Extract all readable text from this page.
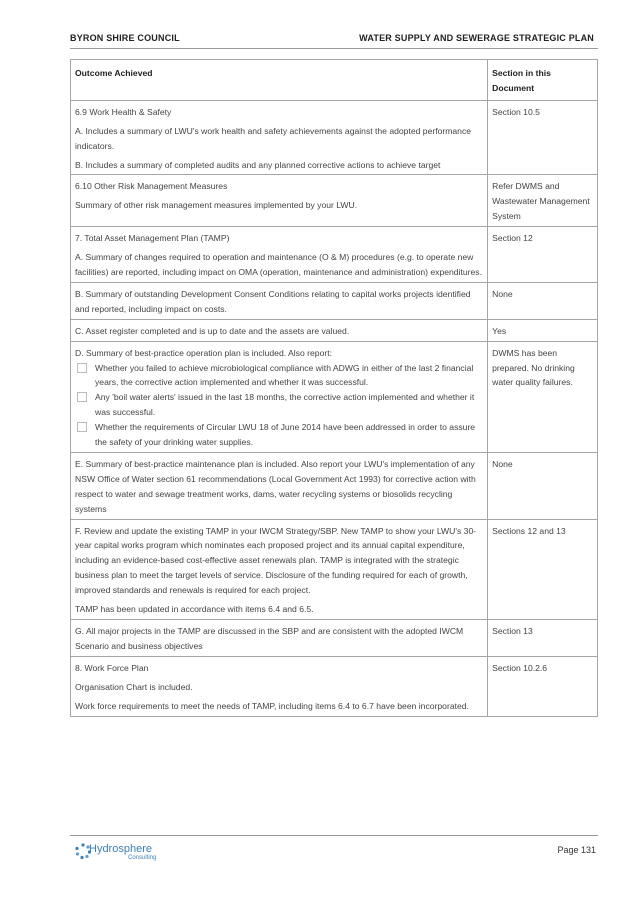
BYRON SHIRE COUNCIL	WATER SUPPLY AND SEWERAGE STRATEGIC PLAN
Outcome Achieved	Section in this Document

6.9 Work Health & Safety

A. Includes a summary of LWU's work health and safety achievements against the adopted performance indicators.

B. Includes a summary of completed audits and any planned corrective actions to achieve target	Section 10.5

6.10 Other Risk Management Measures

Summary of other risk management measures implemented by your LWU.	Refer DWMS and Wastewater Management System

7. Total Asset Management Plan (TAMP)

A. Summary of changes required to operation and maintenance (O & M) procedures (e.g. to operate new facilities) are reported, including impact on OMA (operation, maintenance and administration) expenditures.	Section 12

B. Summary of outstanding Development Consent Conditions relating to capital works projects identified and reported, including impact on costs.	None

C. Asset register completed and is up to date and the assets are valued.	Yes

D. Summary of best-practice operation plan is included. Also report:

Whether you failed to achieve microbiological compliance with ADWG in either of the last 2 financial years, the corrective action implemented and whether it was successful.
Any 'boil water alerts' issued in the last 18 months, the corrective action implemented and whether it was successful.
Whether the requirements of Circular LWU 18 of June 2014 have been addressed in order to assure the safety of your drinking water supplies.	DWMS has been prepared. No drinking water quality failures.

E. Summary of best-practice maintenance plan is included. Also report your LWU's implementation of any NSW Office of Water section 61 recommendations (Local Government Act 1993) for corrective action with respect to water and sewage treatment works, dams, water recycling systems or biosolids recycling systems	None

F. Review and update the existing TAMP in your IWCM Strategy/SBP. New TAMP to show your LWU's 30-year capital works program which nominates each proposed project and its annual capital expenditure, including an evidence-based cost-effective asset renewals plan. TAMP is integrated with the strategic business plan to meet the target levels of service. Disclosure of the funding required for each of growth, improved standards and renewals is required for each project.

TAMP has been updated in accordance with items 6.4 and 6.5.	Sections 12 and 13

G. All major projects in the TAMP are discussed in the SBP and are consistent with the adopted IWCM Scenario and business objectives	Section 13

8. Work Force Plan

Organisation Chart is included.

Work force requirements to meet the needs of TAMP, including items 6.4 to 6.7 have been incorporated.	Section 10.2.6
Hydrosphere
Consulting
Page 131
